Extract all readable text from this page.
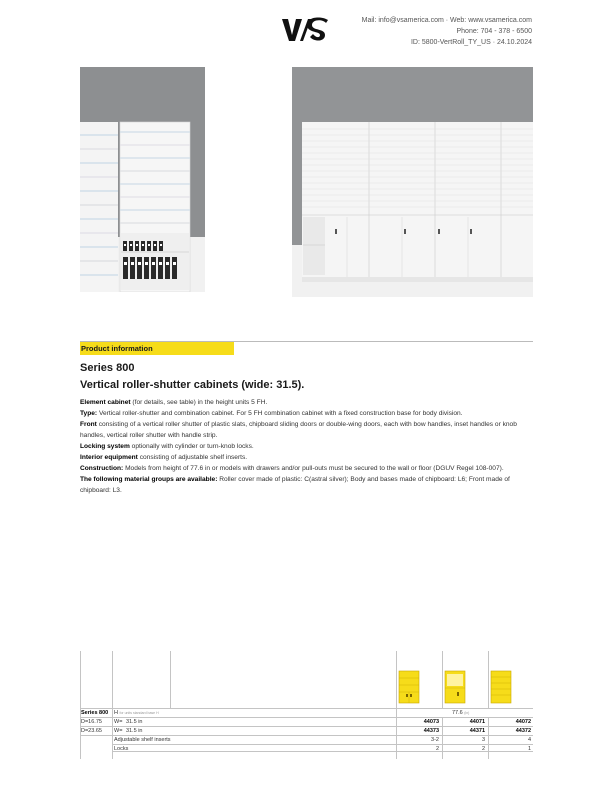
Mail: info@vsamerica.com · Web: www.vsamerica.com
Phone: 704 - 378 - 6500
ID: 5800-VertRoll_TY_US · 24.10.2024
Product information
Series 800
Vertical roller-shutter cabinets (wide: 31.5).

Element cabinet (for details, see table) in the height units 5 FH.

Type: Vertical roller-shutter and combination cabinet. For 5 FH combination cabinet with a fixed construction base for body division.

Front consisting of a vertical roller shutter of plastic slats, chipboard sliding doors or double-wing doors, each with bow handles, inset handles or knob handles, vertical roller shutter with handle strip.

Locking system optionally with cylinder or turn-knob locks.

Interior equipment consisting of adjustable shelf inserts.

Construction: Models from height of 77.6 in or models with drawers and/or pull-outs must be secured to the wall or floor (DGUV Regel 108-007).

The following material groups are available: Roller cover made of plastic: C(astral silver); Body and bases made of chipboard: L6; Front made of chipboard: L3.

Series 800 H for units standard base H	77.6 (in)
D=16.75 W= 31.5 in	44073	44071	44072
D=23.65 W= 31.5 in	44373	44371	44372
Adjustable shelf inserts	3-2	3	4
Locks	2	2	1
